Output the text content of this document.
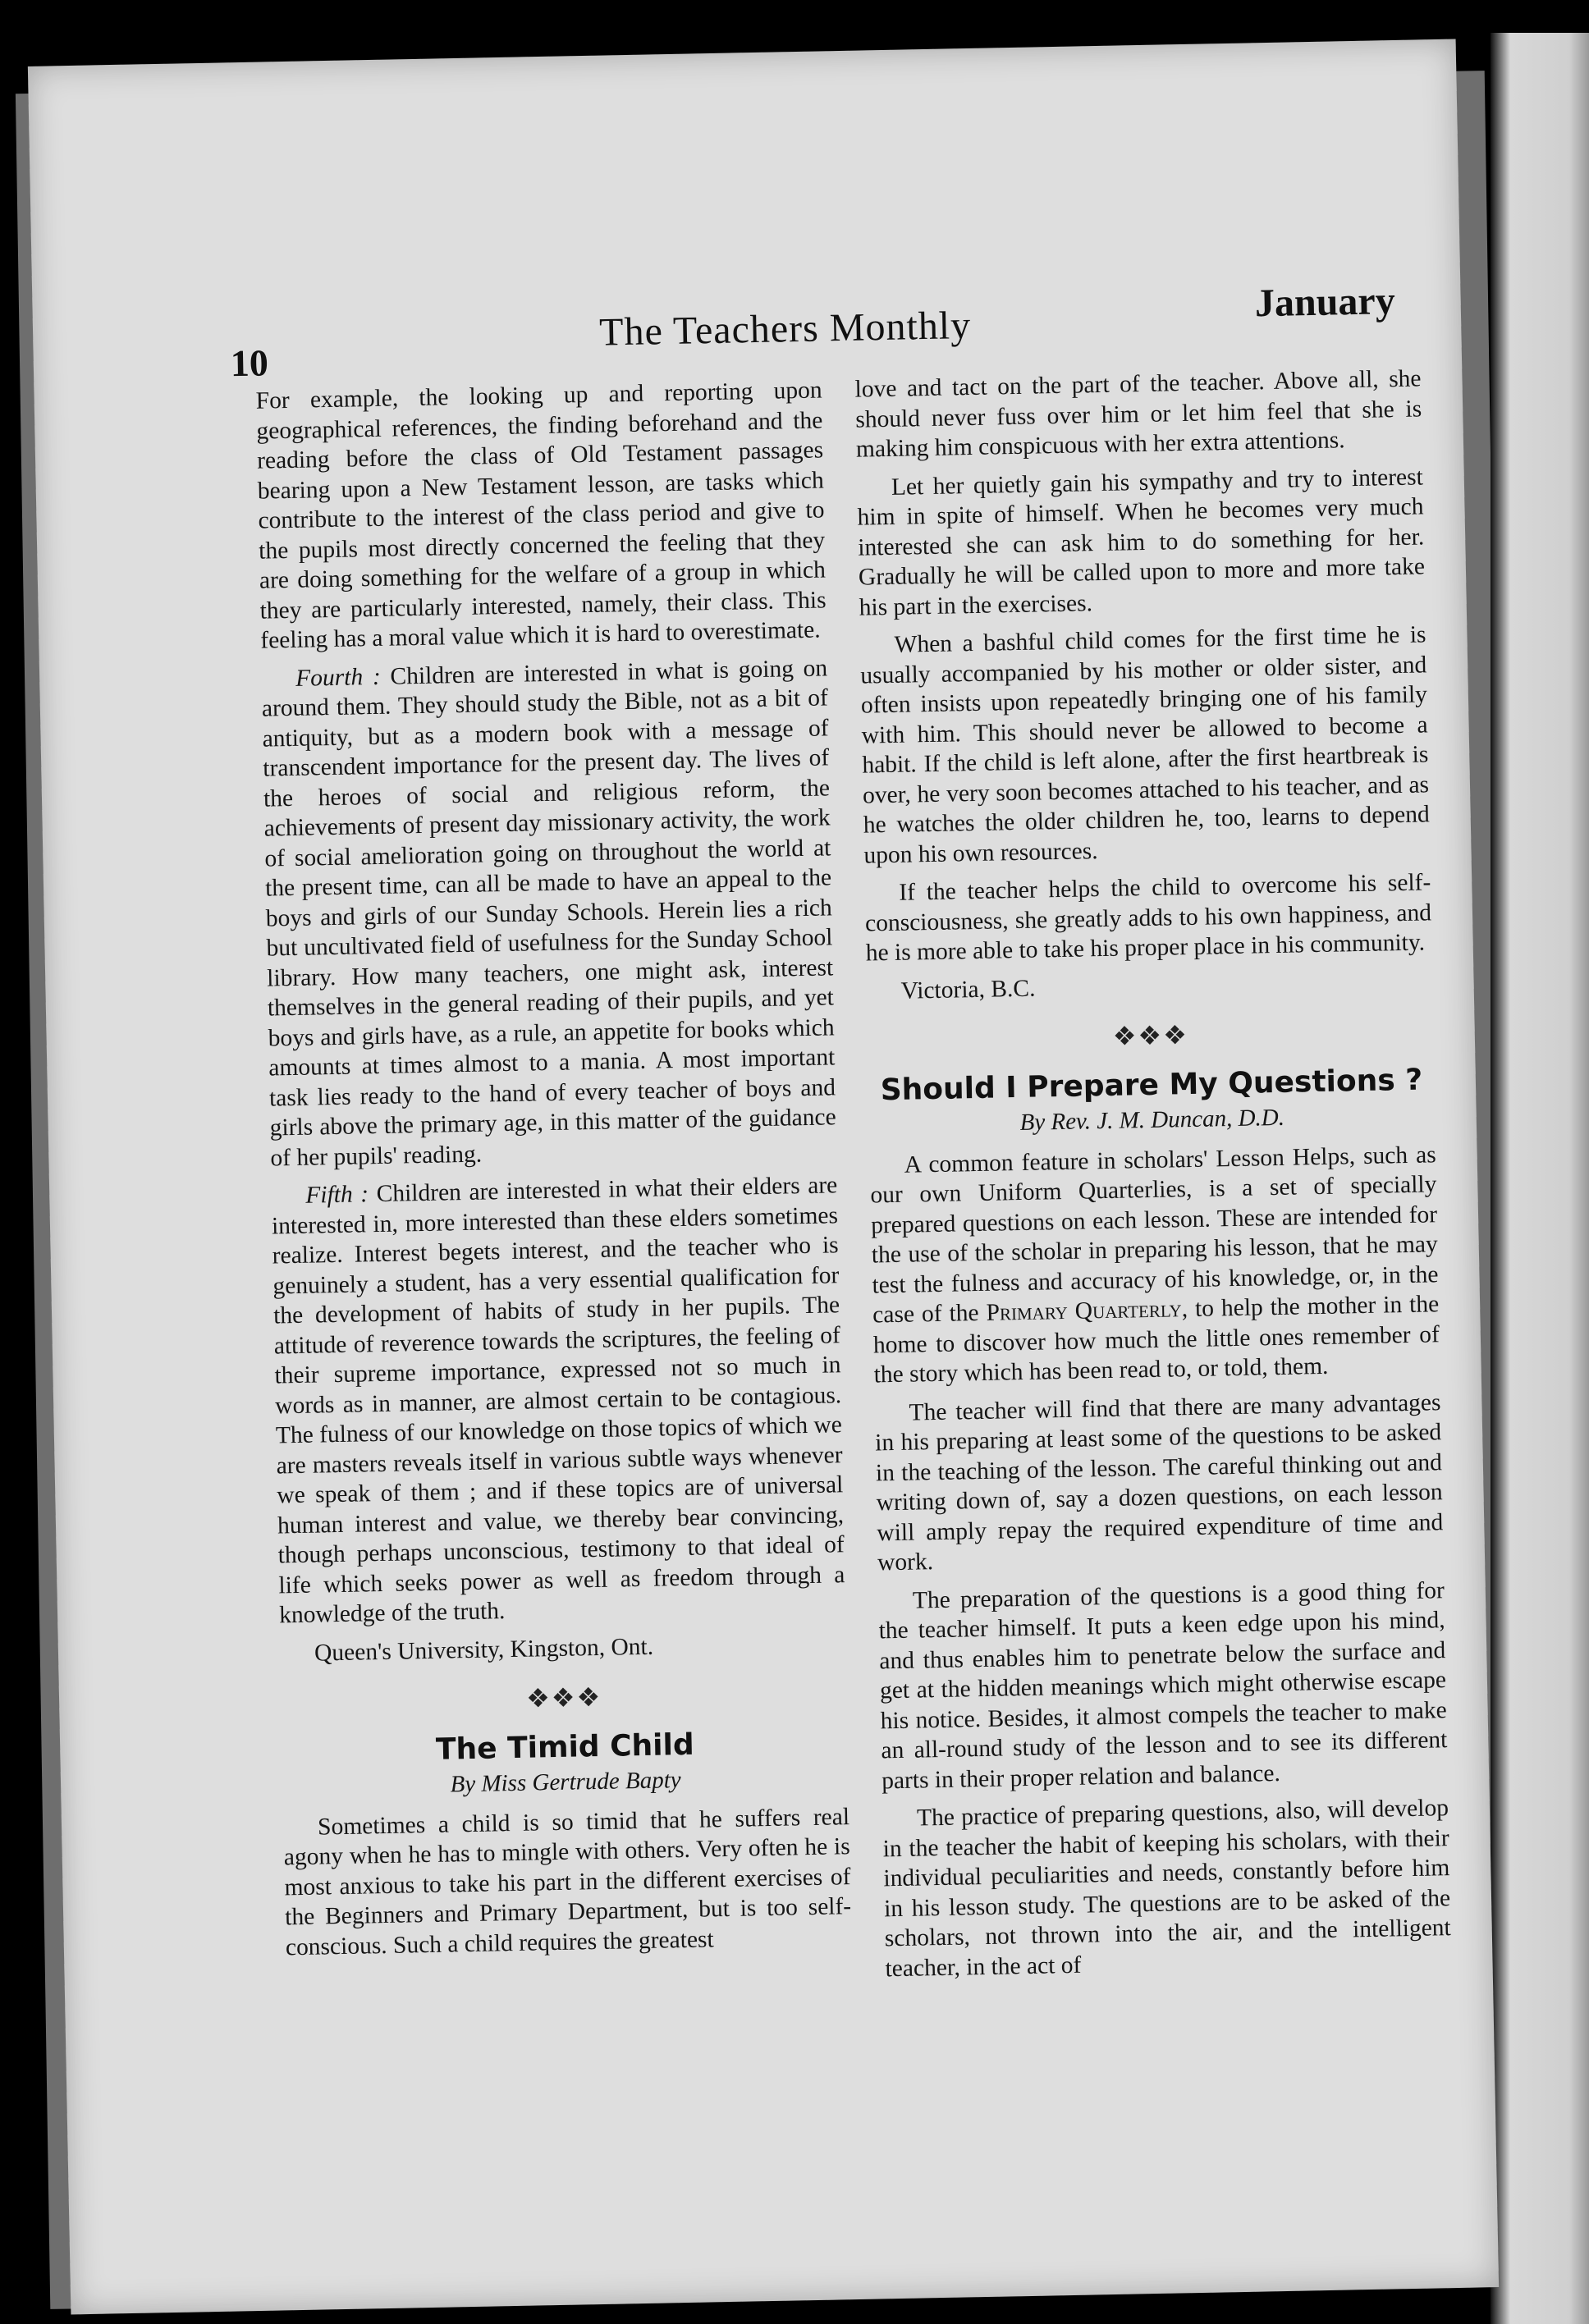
10
The Teachers Monthly
January

For example, the looking up and reporting upon geographical references, the finding beforehand and the reading before the class of Old Testament passages bearing upon a New Testament lesson, are tasks which contribute to the interest of the class period and give to the pupils most directly concerned the feeling that they are doing something for the welfare of a group in which they are particularly interested, namely, their class. This feeling has a moral value which it is hard to overestimate.

Fourth : Children are interested in what is going on around them. They should study the Bible, not as a bit of antiquity, but as a modern book with a message of transcendent importance for the present day. The lives of the heroes of social and religious reform, the achievements of present day missionary activity, the work of social amelioration going on throughout the world at the present time, can all be made to have an appeal to the boys and girls of our Sunday Schools. Herein lies a rich but uncultivated field of usefulness for the Sunday School library. How many teachers, one might ask, interest themselves in the general reading of their pupils, and yet boys and girls have, as a rule, an appetite for books which amounts at times almost to a mania. A most important task lies ready to the hand of every teacher of boys and girls above the primary age, in this matter of the guidance of her pupils' reading.

Fifth : Children are interested in what their elders are interested in, more interested than these elders sometimes realize. Interest begets interest, and the teacher who is genuinely a student, has a very essential qualification for the development of habits of study in her pupils. The attitude of reverence towards the scriptures, the feeling of their supreme importance, expressed not so much in words as in manner, are almost certain to be contagious. The fulness of our knowledge on those topics of which we are masters reveals itself in various subtle ways whenever we speak of them ; and if these topics are of universal human interest and value, we thereby bear convincing, though perhaps unconscious, testimony to that ideal of life which seeks power as well as freedom through a knowledge of the truth.

Queen's University, Kingston, Ont.

❖❖❖
The Timid Child
By Miss Gertrude Bapty

Sometimes a child is so timid that he suffers real agony when he has to mingle with others. Very often he is most anxious to take his part in the different exercises of the Beginners and Primary Department, but is too self-conscious. Such a child requires the greatest

love and tact on the part of the teacher. Above all, she should never fuss over him or let him feel that she is making him conspicuous with her extra attentions.

Let her quietly gain his sympathy and try to interest him in spite of himself. When he becomes very much interested she can ask him to do something for her. Gradually he will be called upon to more and more take his part in the exercises.

When a bashful child comes for the first time he is usually accompanied by his mother or older sister, and often insists upon repeatedly bringing one of his family with him. This should never be allowed to become a habit. If the child is left alone, after the first heartbreak is over, he very soon becomes attached to his teacher, and as he watches the older children he, too, learns to depend upon his own resources.

If the teacher helps the child to overcome his self-consciousness, she greatly adds to his own happiness, and he is more able to take his proper place in his community.

Victoria, B.C.

❖❖❖
Should I Prepare My Questions ?
By Rev. J. M. Duncan, D.D.

A common feature in scholars' Lesson Helps, such as our own Uniform Quarterlies, is a set of specially prepared questions on each lesson. These are intended for the use of the scholar in preparing his lesson, that he may test the fulness and accuracy of his knowledge, or, in the case of the Primary Quarterly, to help the mother in the home to discover how much the little ones remember of the story which has been read to, or told, them.

The teacher will find that there are many advantages in his preparing at least some of the questions to be asked in the teaching of the lesson. The careful thinking out and writing down of, say a dozen questions, on each lesson will amply repay the required expenditure of time and work.

The preparation of the questions is a good thing for the teacher himself. It puts a keen edge upon his mind, and thus enables him to penetrate below the surface and get at the hidden meanings which might otherwise escape his notice. Besides, it almost compels the teacher to make an all-round study of the lesson and to see its different parts in their proper relation and balance.

The practice of preparing questions, also, will develop in the teacher the habit of keeping his scholars, with their individual peculiarities and needs, constantly before him in his lesson study. The questions are to be asked of the scholars, not thrown into the air, and the intelligent teacher, in the act of
